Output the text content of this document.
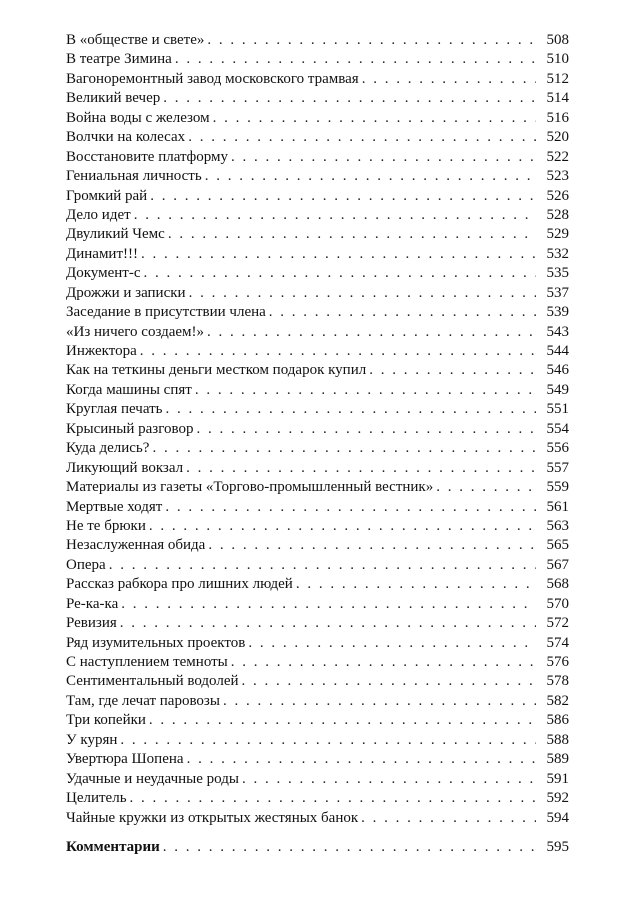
В «обществе и свете» . . .	508
В театре Зимина . . .	510
Вагоноремонтный завод московского трамвая . . .	512
Великий вечер . . .	514
Война воды с железом . . .	516
Волчки на колесах . . .	520
Восстановите платформу . . .	522
Гениальная личность . . .	523
Громкий рай . . .	526
Дело идет . . .	528
Двуликий Чемс . . .	529
Динамит!!! . . .	532
Документ-с . . .	535
Дрожжи и записки . . .	537
Заседание в присутствии члена . . .	539
«Из ничего создаем!» . . .	543
Инжектора . . .	544
Как на теткины деньги местком подарок купил . . .	546
Когда машины спят . . .	549
Круглая печать . . .	551
Крысиный разговор . . .	554
Куда делись? . . .	556
Ликующий вокзал . . .	557
Материалы из газеты «Торгово-промышленный вестник» . . .	559
Мертвые ходят . . .	561
Не те брюки . . .	563
Незаслуженная обида . . .	565
Опера . . .	567
Рассказ рабкора про лишних людей . . .	568
Ре-ка-ка . . .	570
Ревизия . . .	572
Ряд изумительных проектов . . .	574
С наступлением темноты . . .	576
Сентиментальный водолей . . .	578
Там, где лечат паровозы . . .	582
Три копейки . . .	586
У курян . . .	588
Увертюра Шопена . . .	589
Удачные и неудачные роды . . .	591
Целитель . . .	592
Чайные кружки из открытых жестяных банок . . .	594
Комментарии . . .	595
